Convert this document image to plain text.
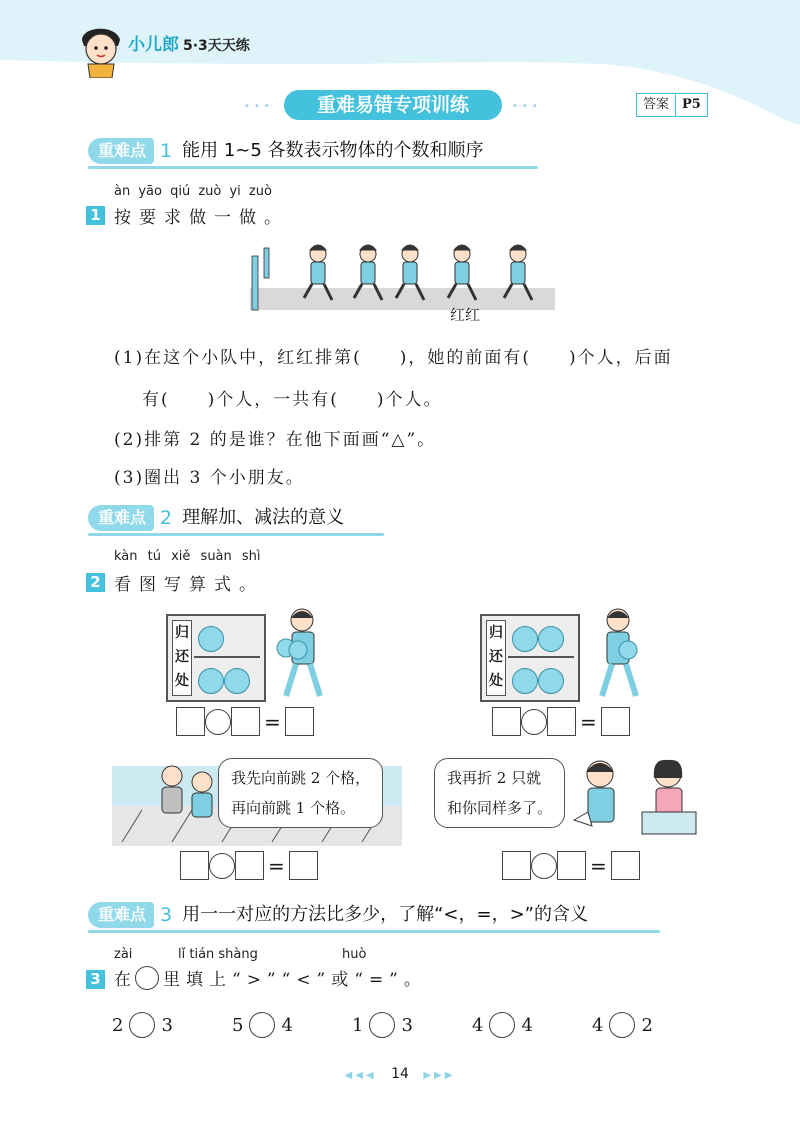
小儿郎 5·3天天练
•••	重难易错专项训练	•••	答案	P5
重难点 1 能用 1~5 各数表示物体的个数和顺序
àn yāo qiú zuò yi zuò
1 按要求做一做。
红红
(1)在这个小队中，红红排第(　　)，她的前面有(　　)个人，后面
有(　　)个人，一共有(　　)个人。
(2)排第 2 的是谁？在他下面画“△”。
(3)圈出 3 个小朋友。
重难点 2 理解加、减法的意义
kàn tú xiě suàn shì
2 看图写算式。
归
还
处
=
归
还
处
=
我先向前跳 2 个格，
再向前跳 1 个格。
=
我再折 2 只就
和你同样多了。
=
重难点 3 用一一对应的方法比多少，了解“<，=，>”的含义
zài	lǐ tián shàng	huò
3 在 里填上“>”“<”或“=”。
2 3	5 4	1 3	4 4	4 2
◀◀◀ 14 ▶▶▶
